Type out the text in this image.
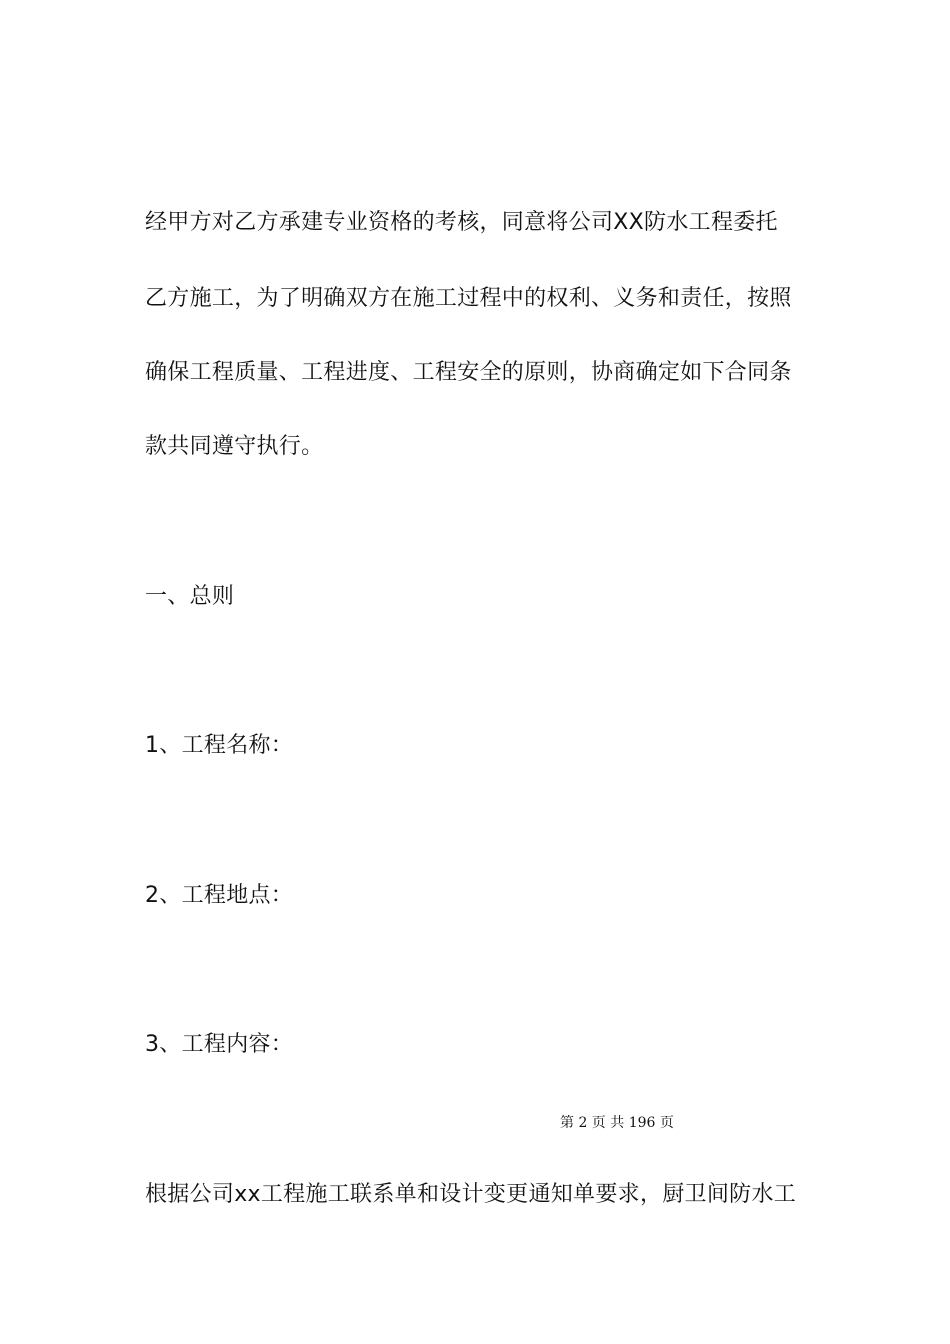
经甲方对乙方承建专业资格的考核，同意将公司XX防水工程委托
乙方施工，为了明确双方在施工过程中的权利、义务和责任，按照
确保工程质量、工程进度、工程安全的原则，协商确定如下合同条
款共同遵守执行。
一、总则
1、工程名称：
2、工程地点：
3、工程内容：
第 2 页 共 196 页
根据公司xx工程施工联系单和设计变更通知单要求，厨卫间防水工
